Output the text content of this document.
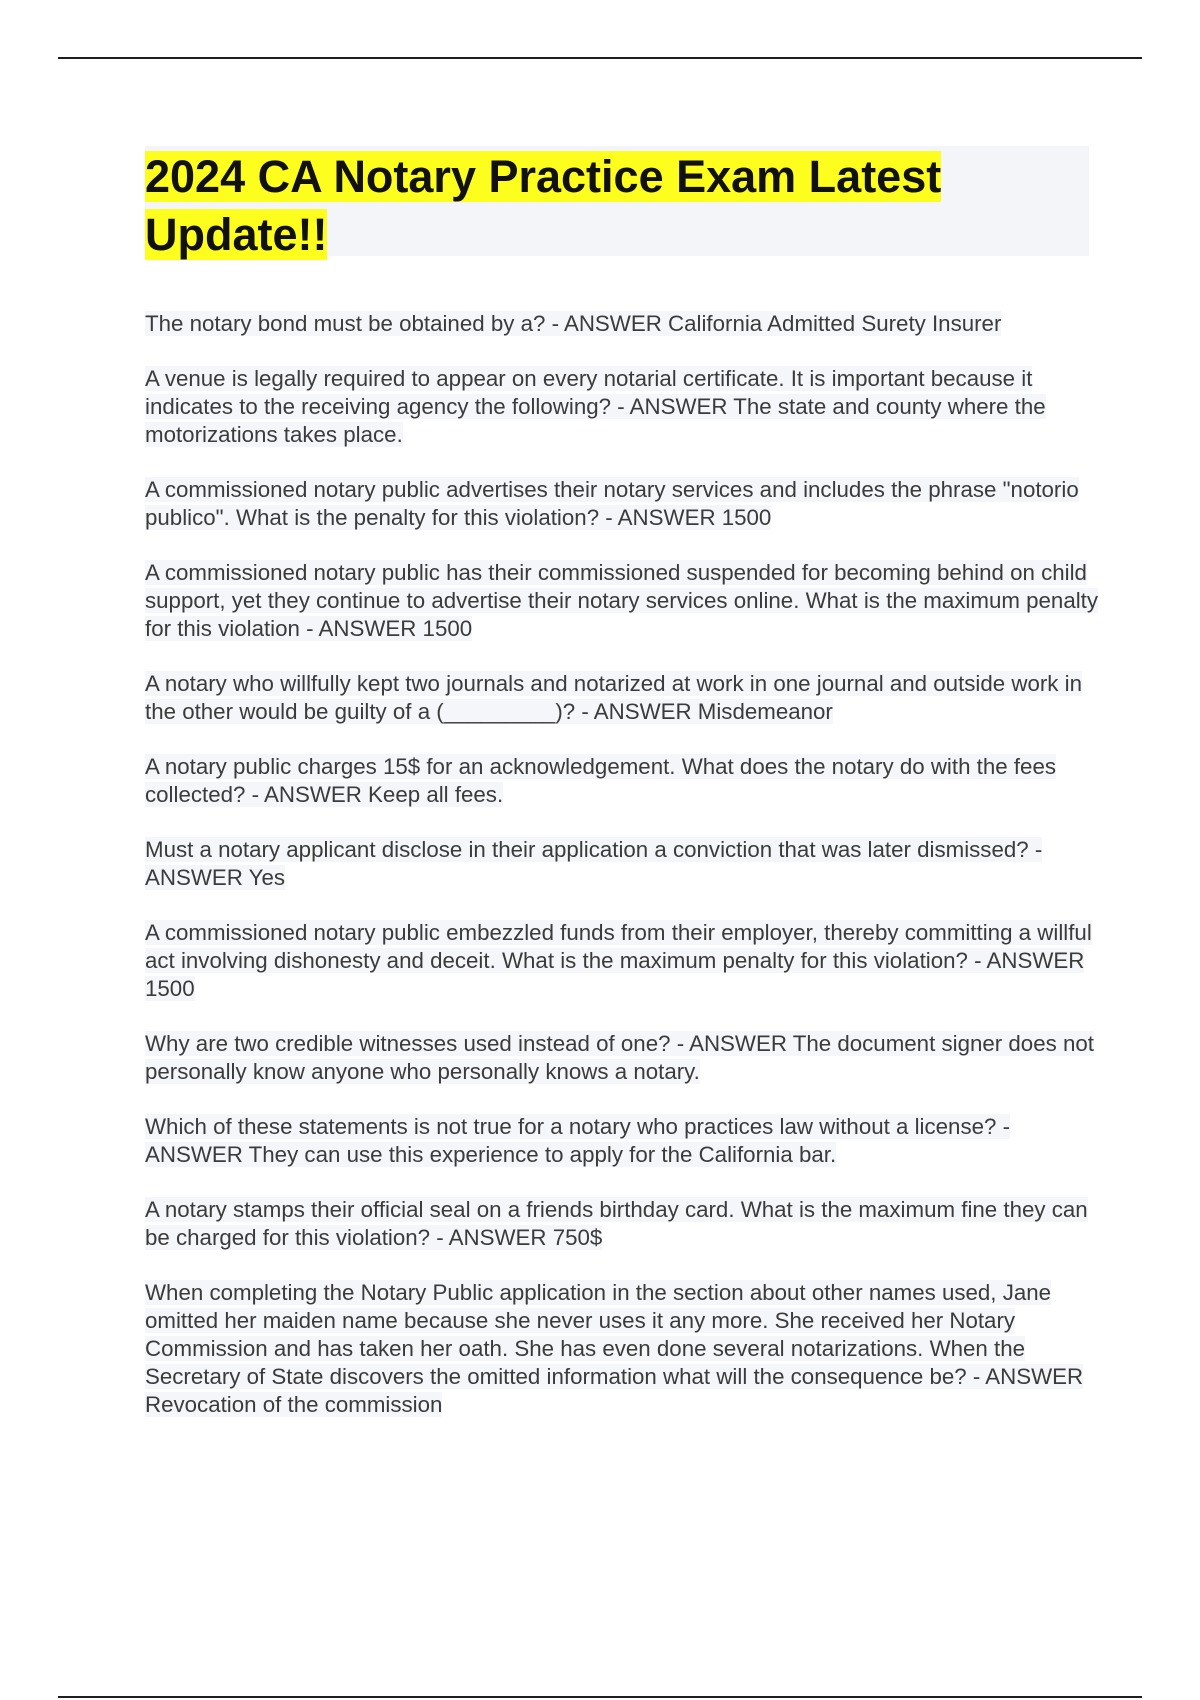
2024 CA Notary Practice Exam Latest
Update!!

The notary bond must be obtained by a? - ANSWER California Admitted Surety Insurer

A venue is legally required to appear on every notarial certificate. It is important because it indicates to the receiving agency the following? - ANSWER The state and county where the motorizations takes place.

A commissioned notary public advertises their notary services and includes the phrase "notorio publico". What is the penalty for this violation? - ANSWER 1500

A commissioned notary public has their commissioned suspended for becoming behind on child support, yet they continue to advertise their notary services online. What is the maximum penalty for this violation - ANSWER 1500

A notary who willfully kept two journals and notarized at work in one journal and outside work in the other would be guilty of a (_________)? - ANSWER Misdemeanor

A notary public charges 15$ for an acknowledgement. What does the notary do with the fees collected? - ANSWER Keep all fees.

Must a notary applicant disclose in their application a conviction that was later dismissed? - ANSWER Yes

A commissioned notary public embezzled funds from their employer, thereby committing a willful act involving dishonesty and deceit. What is the maximum penalty for this violation? - ANSWER 1500

Why are two credible witnesses used instead of one? - ANSWER The document signer does not personally know anyone who personally knows a notary.

Which of these statements is not true for a notary who practices law without a license? - ANSWER They can use this experience to apply for the California bar.

A notary stamps their official seal on a friends birthday card. What is the maximum fine they can be charged for this violation? - ANSWER 750$

When completing the Notary Public application in the section about other names used, Jane omitted her maiden name because she never uses it any more. She received her Notary Commission and has taken her oath. She has even done several notarizations. When the Secretary of State discovers the omitted information what will the consequence be? - ANSWER Revocation of the commission
